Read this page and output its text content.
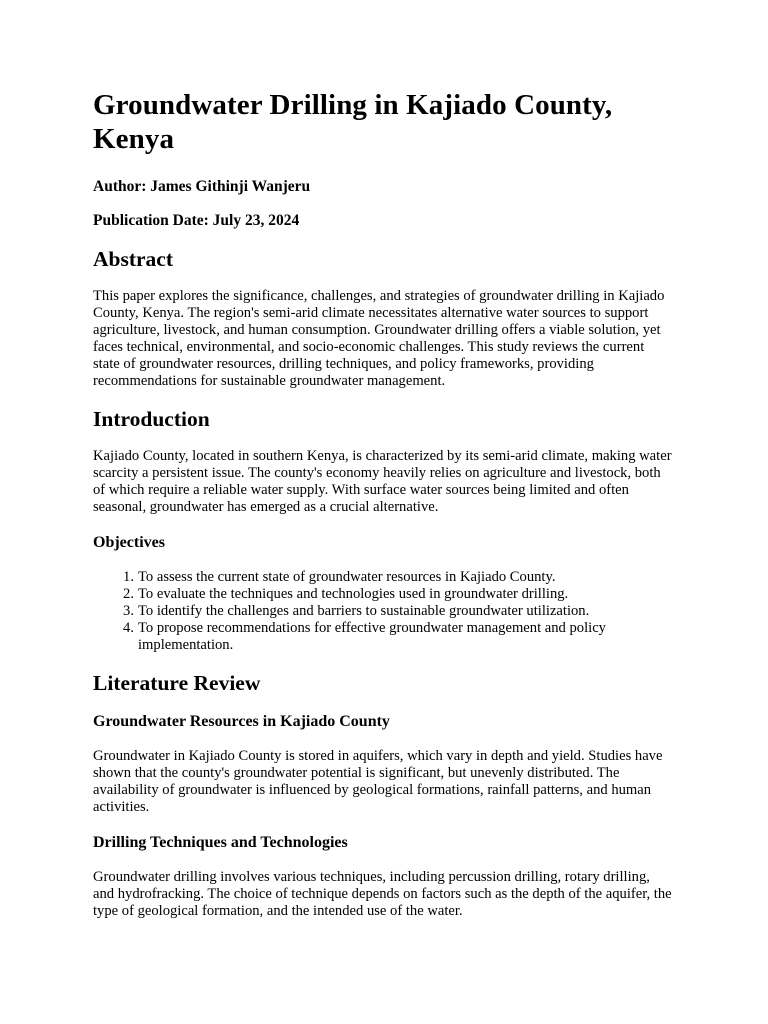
Groundwater Drilling in Kajiado County, Kenya

Author: James Githinji Wanjeru

Publication Date: July 23, 2024

Abstract

This paper explores the significance, challenges, and strategies of groundwater drilling in Kajiado County, Kenya. The region's semi-arid climate necessitates alternative water sources to support agriculture, livestock, and human consumption. Groundwater drilling offers a viable solution, yet faces technical, environmental, and socio-economic challenges. This study reviews the current state of groundwater resources, drilling techniques, and policy frameworks, providing recommendations for sustainable groundwater management.

Introduction

Kajiado County, located in southern Kenya, is characterized by its semi-arid climate, making water scarcity a persistent issue. The county's economy heavily relies on agriculture and livestock, both of which require a reliable water supply. With surface water sources being limited and often seasonal, groundwater has emerged as a crucial alternative.

Objectives
1. To assess the current state of groundwater resources in Kajiado County.
2. To evaluate the techniques and technologies used in groundwater drilling.
3. To identify the challenges and barriers to sustainable groundwater utilization.
4. To propose recommendations for effective groundwater management and policy implementation.
Literature Review
Groundwater Resources in Kajiado County

Groundwater in Kajiado County is stored in aquifers, which vary in depth and yield. Studies have shown that the county's groundwater potential is significant, but unevenly distributed. The availability of groundwater is influenced by geological formations, rainfall patterns, and human activities.

Drilling Techniques and Technologies

Groundwater drilling involves various techniques, including percussion drilling, rotary drilling, and hydrofracking. The choice of technique depends on factors such as the depth of the aquifer, the type of geological formation, and the intended use of the water.
